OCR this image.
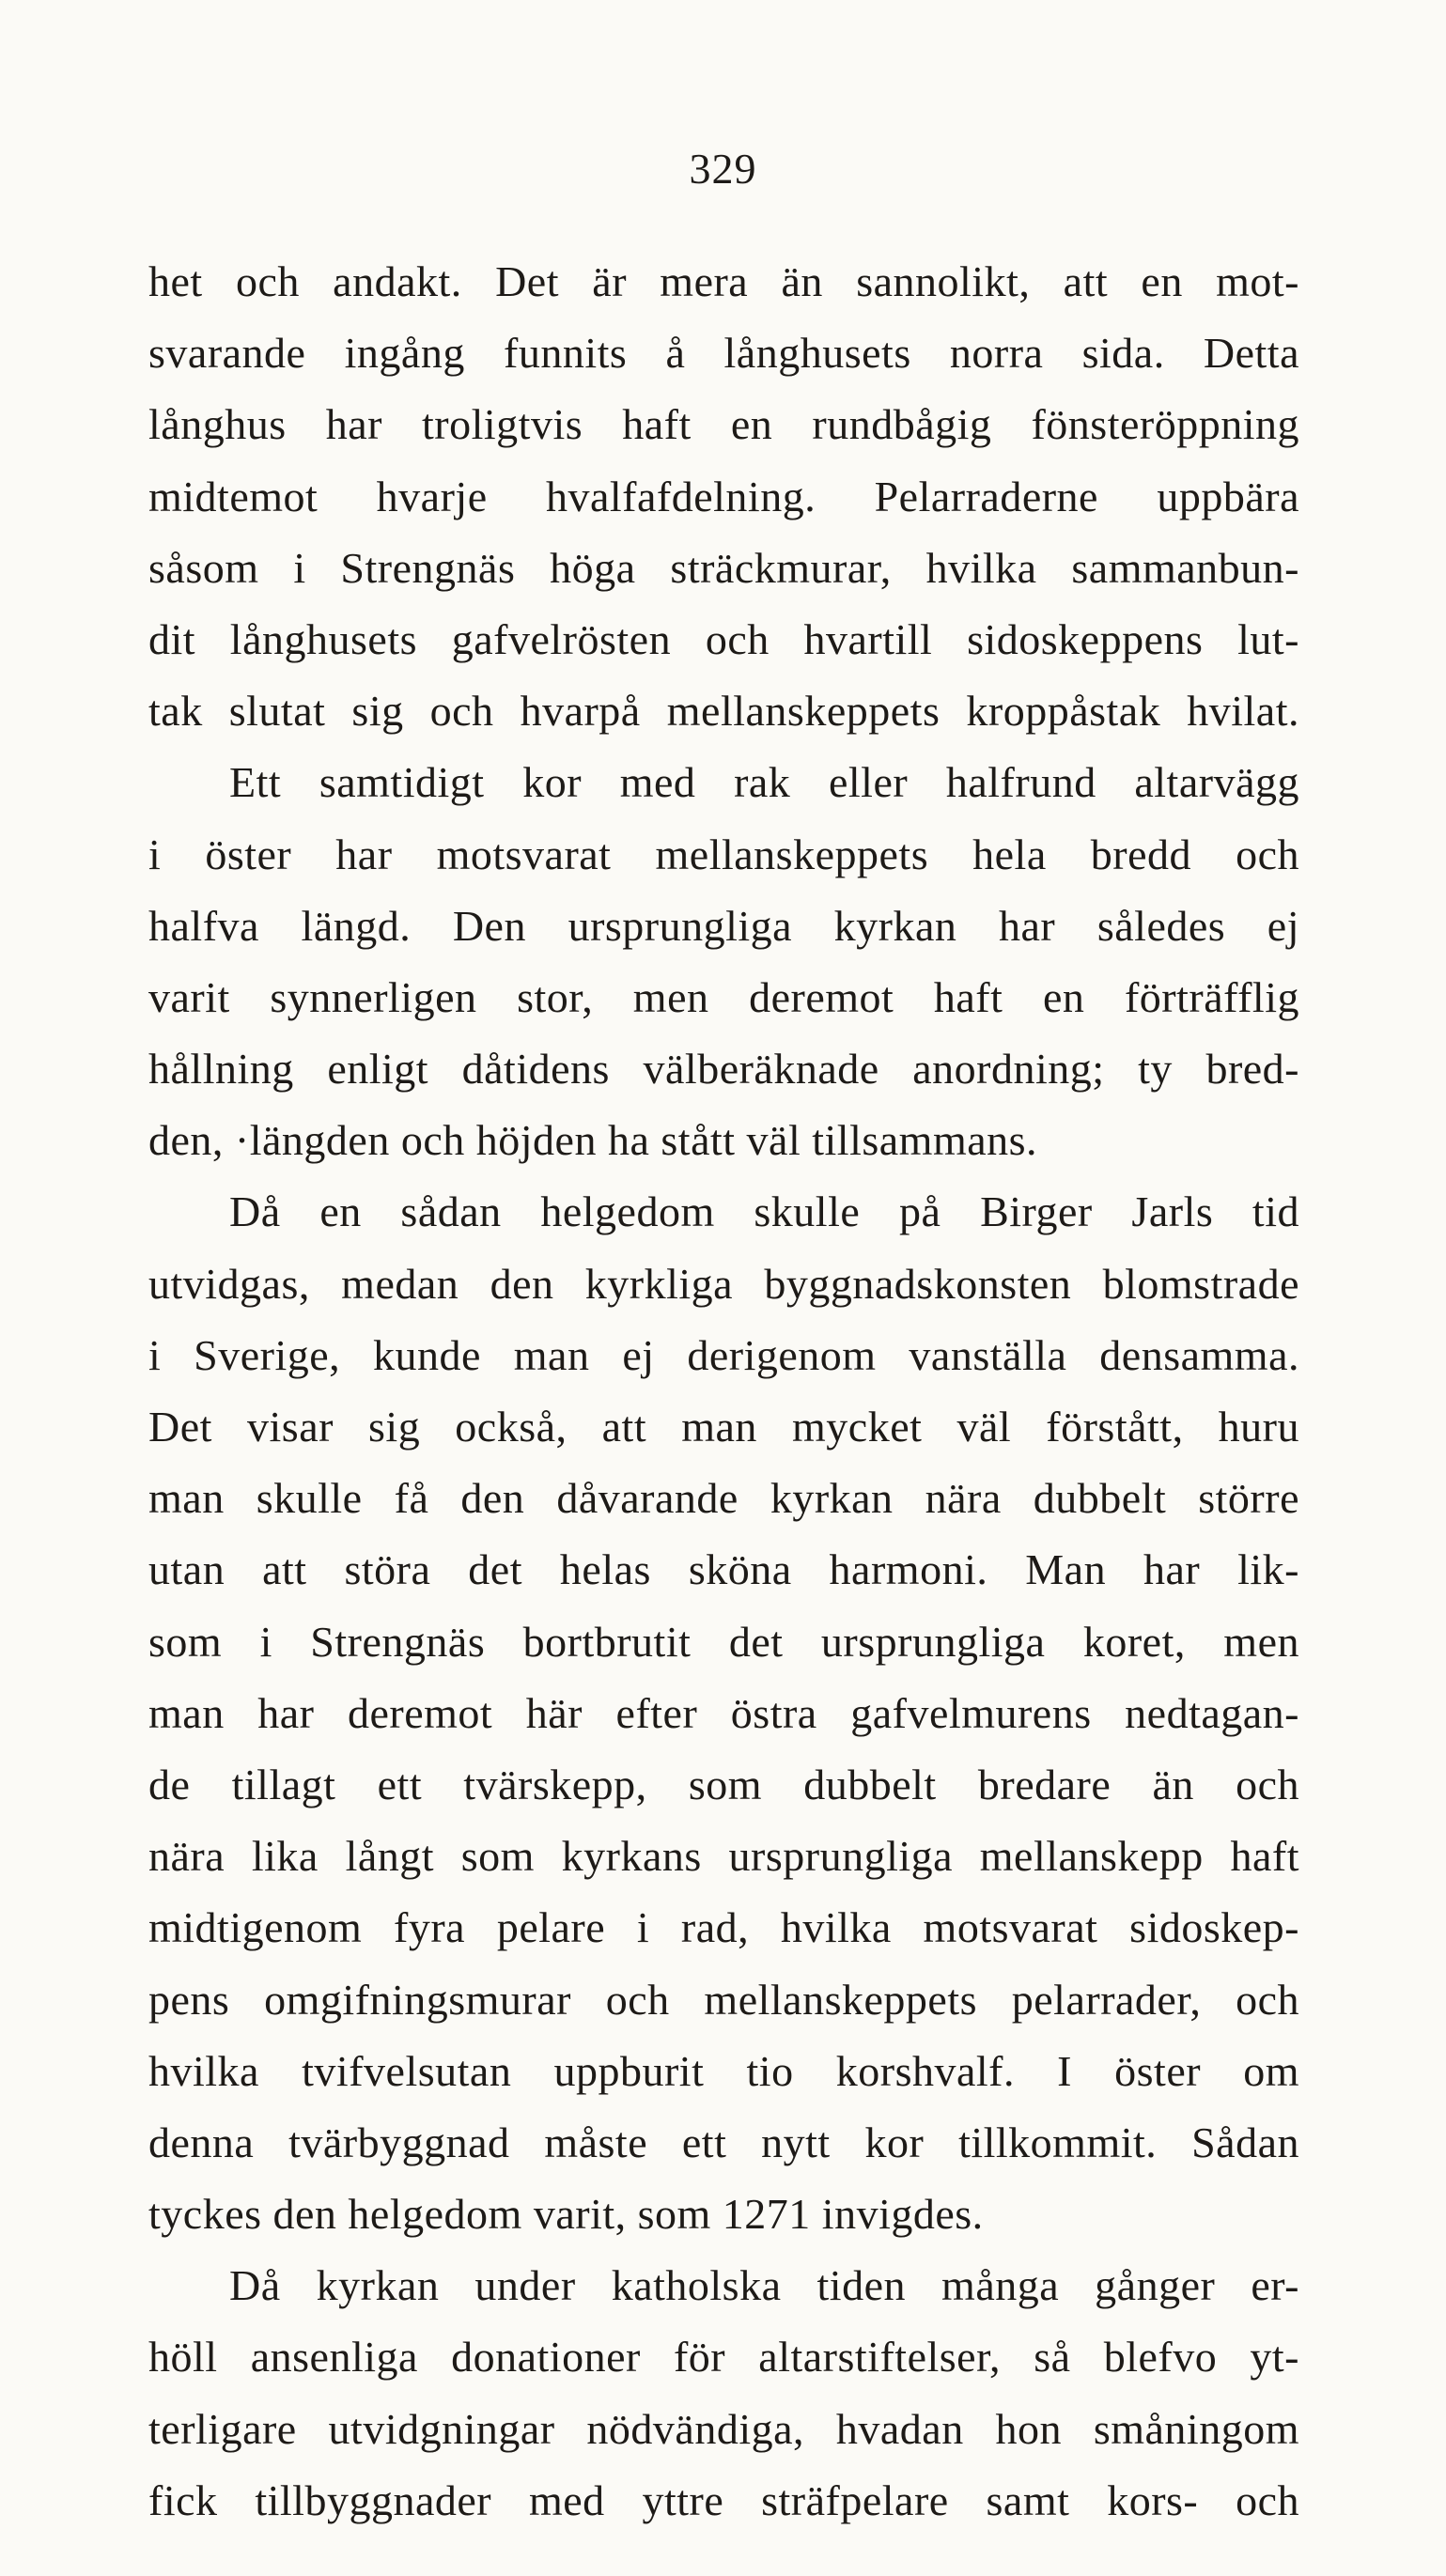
329
het och andakt. Det är mera än sannolikt, att en mot-
svarande ingång funnits å långhusets norra sida. Detta
långhus har troligtvis haft en rundbågig fönsteröppning
midtemot hvarje hvalfafdelning. Pelarraderne uppbära
såsom i Strengnäs höga sträckmurar, hvilka sammanbun-
dit långhusets gafvelrösten och hvartill sidoskeppens lut-
tak slutat sig och hvarpå mellanskeppets kroppåstak hvilat.
Ett samtidigt kor med rak eller halfrund altarvägg
i öster har motsvarat mellanskeppets hela bredd och
halfva längd. Den ursprungliga kyrkan har således ej
varit synnerligen stor, men deremot haft en förträfflig
hållning enligt dåtidens välberäknade anordning; ty bred-
den, ·längden och höjden ha stått väl tillsammans.
Då en sådan helgedom skulle på Birger Jarls tid
utvidgas, medan den kyrkliga byggnadskonsten blomstrade
i Sverige, kunde man ej derigenom vanställa densamma.
Det visar sig också, att man mycket väl förstått, huru
man skulle få den dåvarande kyrkan nära dubbelt större
utan att störa det helas sköna harmoni. Man har lik-
som i Strengnäs bortbrutit det ursprungliga koret, men
man har deremot här efter östra gafvelmurens nedtagan-
de tillagt ett tvärskepp, som dubbelt bredare än och
nära lika långt som kyrkans ursprungliga mellanskepp haft
midtigenom fyra pelare i rad, hvilka motsvarat sidoskep-
pens omgifningsmurar och mellanskeppets pelarrader, och
hvilka tvifvelsutan uppburit tio korshvalf. I öster om
denna tvärbyggnad måste ett nytt kor tillkommit. Sådan
tyckes den helgedom varit, som 1271 invigdes.
Då kyrkan under katholska tiden många gånger er-
höll ansenliga donationer för altarstiftelser, så blefvo yt-
terligare utvidgningar nödvändiga, hvadan hon småningom
fick tillbyggnader med yttre sträfpelare samt kors- och
